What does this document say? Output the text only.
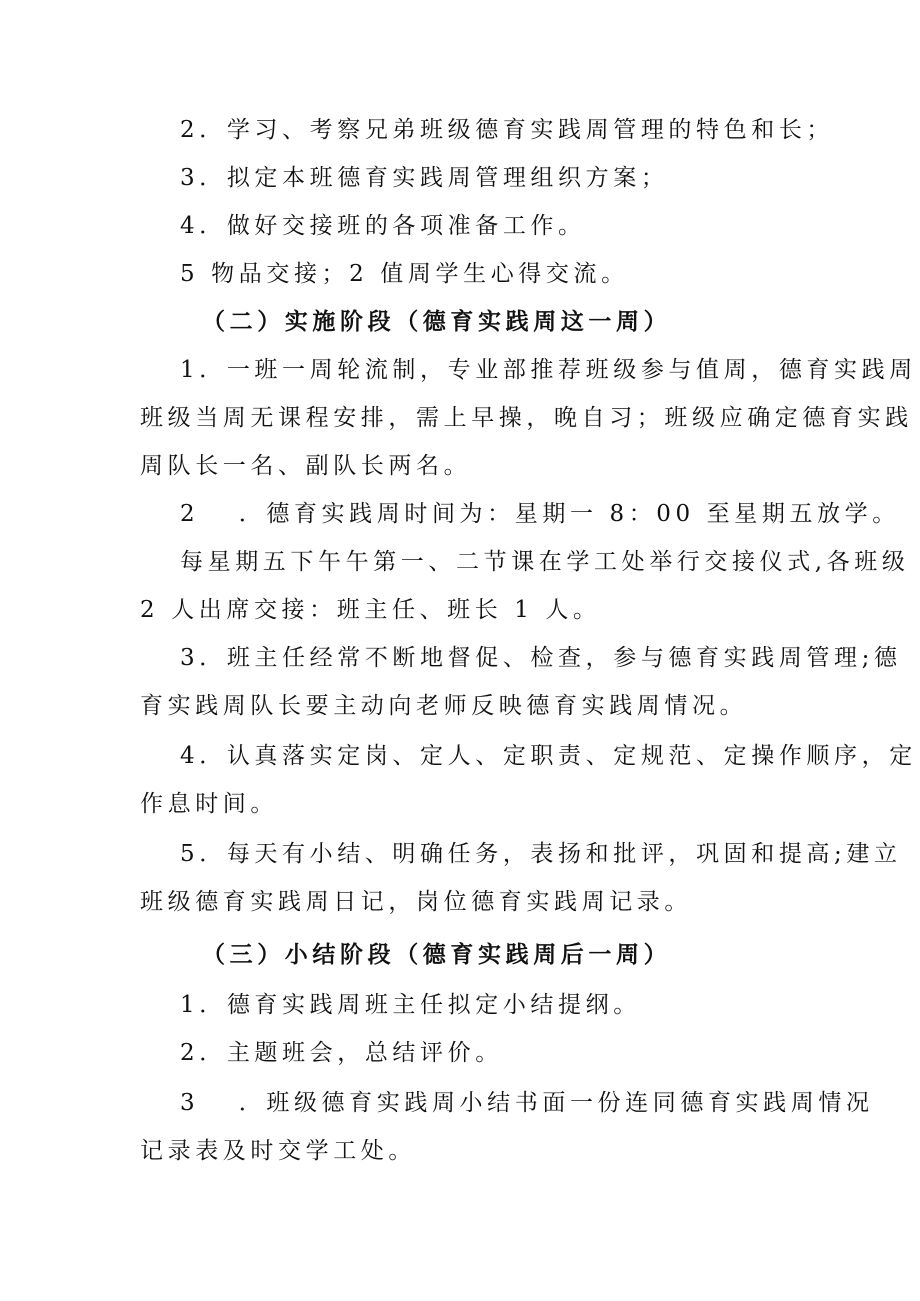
2．学习、考察兄弟班级德育实践周管理的特色和长；
3．拟定本班德育实践周管理组织方案；
4．做好交接班的各项准备工作。
5 物品交接；2 值周学生心得交流。
（二）实施阶段（德育实践周这一周）
1．一班一周轮流制，专业部推荐班级参与值周，德育实践周
班级当周无课程安排，需上早操，晚自习；班级应确定德育实践
周队长一名、副队长两名。
2　 ．德育实践周时间为：星期一 8：00 至星期五放学。
每星期五下午午第一、二节课在学工处举行交接仪式,各班级
2 人出席交接：班主任、班长 1 人。
3．班主任经常不断地督促、检查，参与德育实践周管理;德
育实践周队长要主动向老师反映德育实践周情况。
4．认真落实定岗、定人、定职责、定规范、定操作顺序，定
作息时间。
5．每天有小结、明确任务，表扬和批评，巩固和提高;建立
班级德育实践周日记，岗位德育实践周记录。
（三）小结阶段（德育实践周后一周）
1．德育实践周班主任拟定小结提纲。
2．主题班会，总结评价。
3　 ．班级德育实践周小结书面一份连同德育实践周情况
记录表及时交学工处。
